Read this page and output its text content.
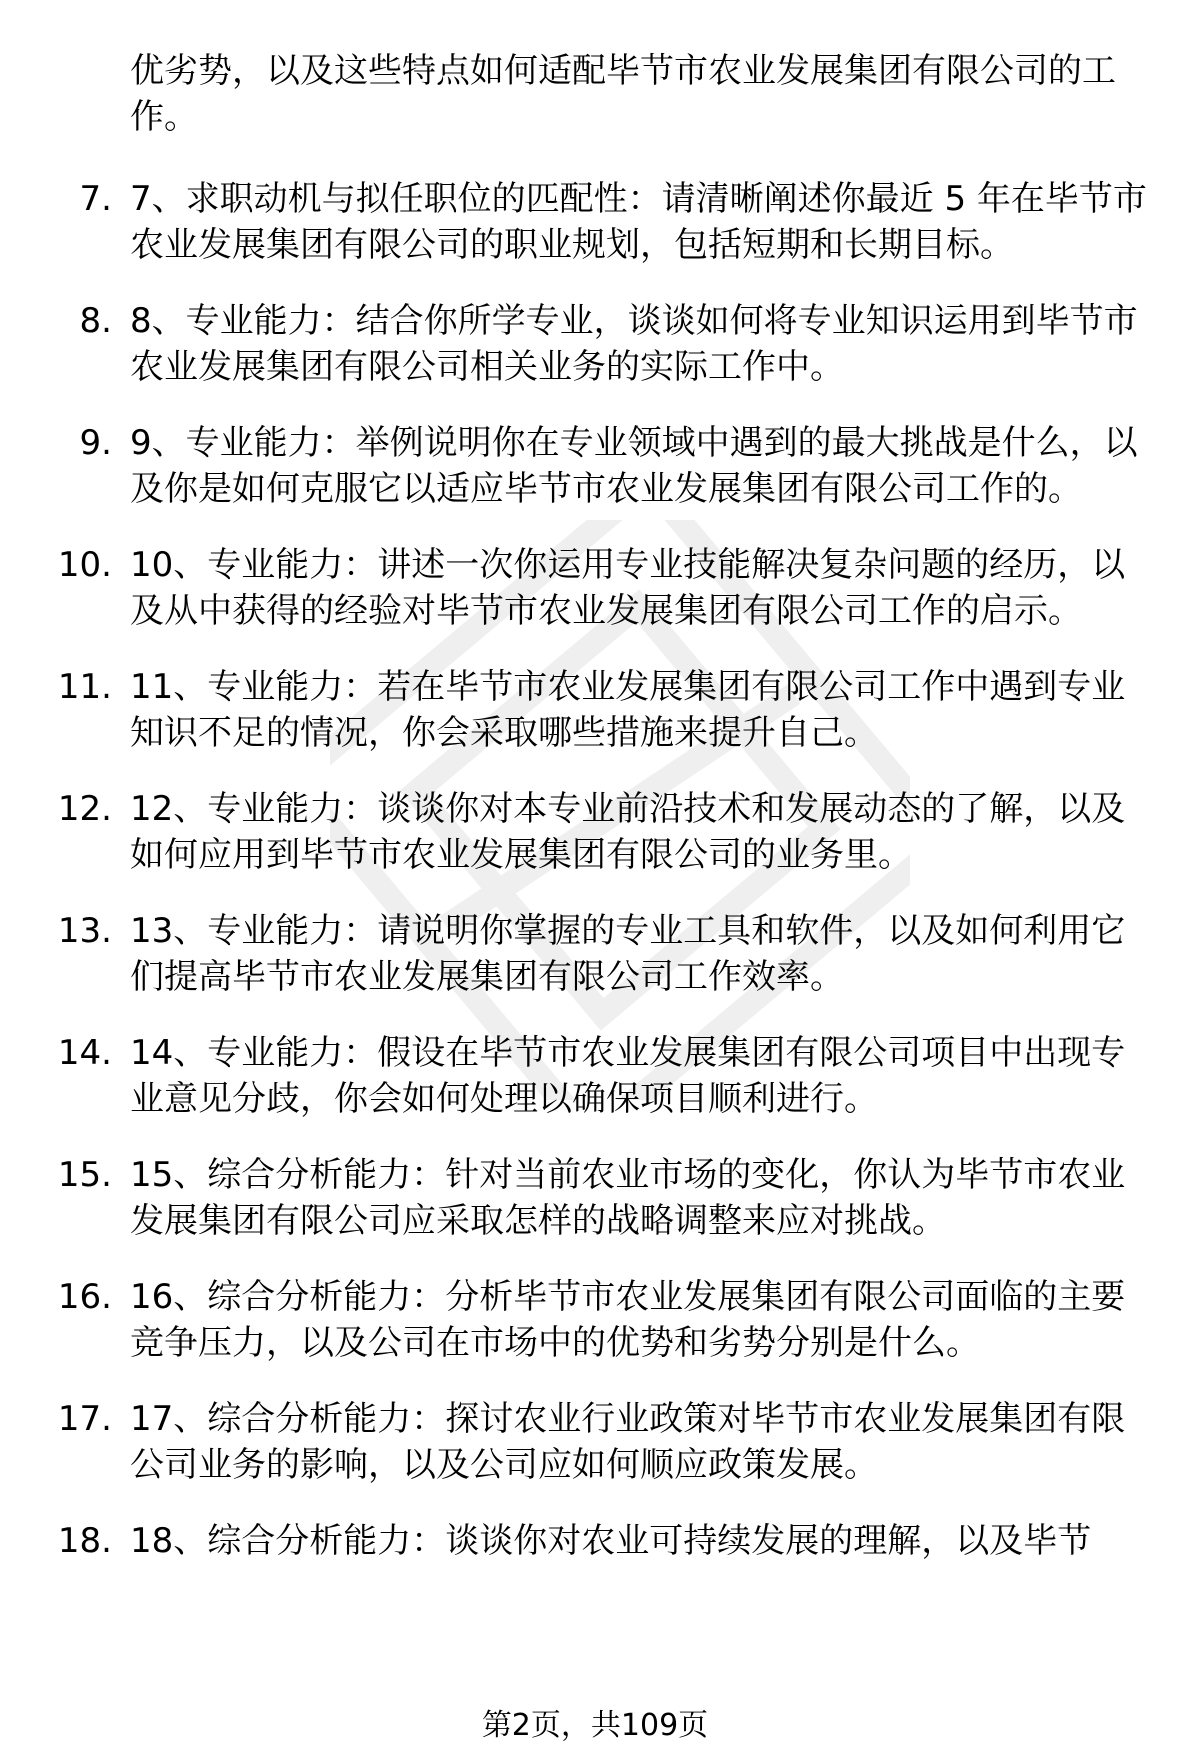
优劣势，以及这些特点如何适配毕节市农业发展集团有限公司的工作。

7. 7、求职动机与拟任职位的匹配性：请清晰阐述你最近 5 年在毕节市农业发展集团有限公司的职业规划，包括短期和长期目标。
8. 8、专业能力：结合你所学专业，谈谈如何将专业知识运用到毕节市农业发展集团有限公司相关业务的实际工作中。
9. 9、专业能力：举例说明你在专业领域中遇到的最大挑战是什么，以及你是如何克服它以适应毕节市农业发展集团有限公司工作的。
10. 10、专业能力：讲述一次你运用专业技能解决复杂问题的经历，以及从中获得的经验对毕节市农业发展集团有限公司工作的启示。
11. 11、专业能力：若在毕节市农业发展集团有限公司工作中遇到专业知识不足的情况，你会采取哪些措施来提升自己。
12. 12、专业能力：谈谈你对本专业前沿技术和发展动态的了解，以及如何应用到毕节市农业发展集团有限公司的业务里。
13. 13、专业能力：请说明你掌握的专业工具和软件，以及如何利用它们提高毕节市农业发展集团有限公司工作效率。
14. 14、专业能力：假设在毕节市农业发展集团有限公司项目中出现专业意见分歧，你会如何处理以确保项目顺利进行。
15. 15、综合分析能力：针对当前农业市场的变化，你认为毕节市农业发展集团有限公司应采取怎样的战略调整来应对挑战。
16. 16、综合分析能力：分析毕节市农业发展集团有限公司面临的主要竞争压力，以及公司在市场中的优势和劣势分别是什么。
17. 17、综合分析能力：探讨农业行业政策对毕节市农业发展集团有限公司业务的影响，以及公司应如何顺应政策发展。
18. 18、综合分析能力：谈谈你对农业可持续发展的理解，以及毕节
第2页，共109页
